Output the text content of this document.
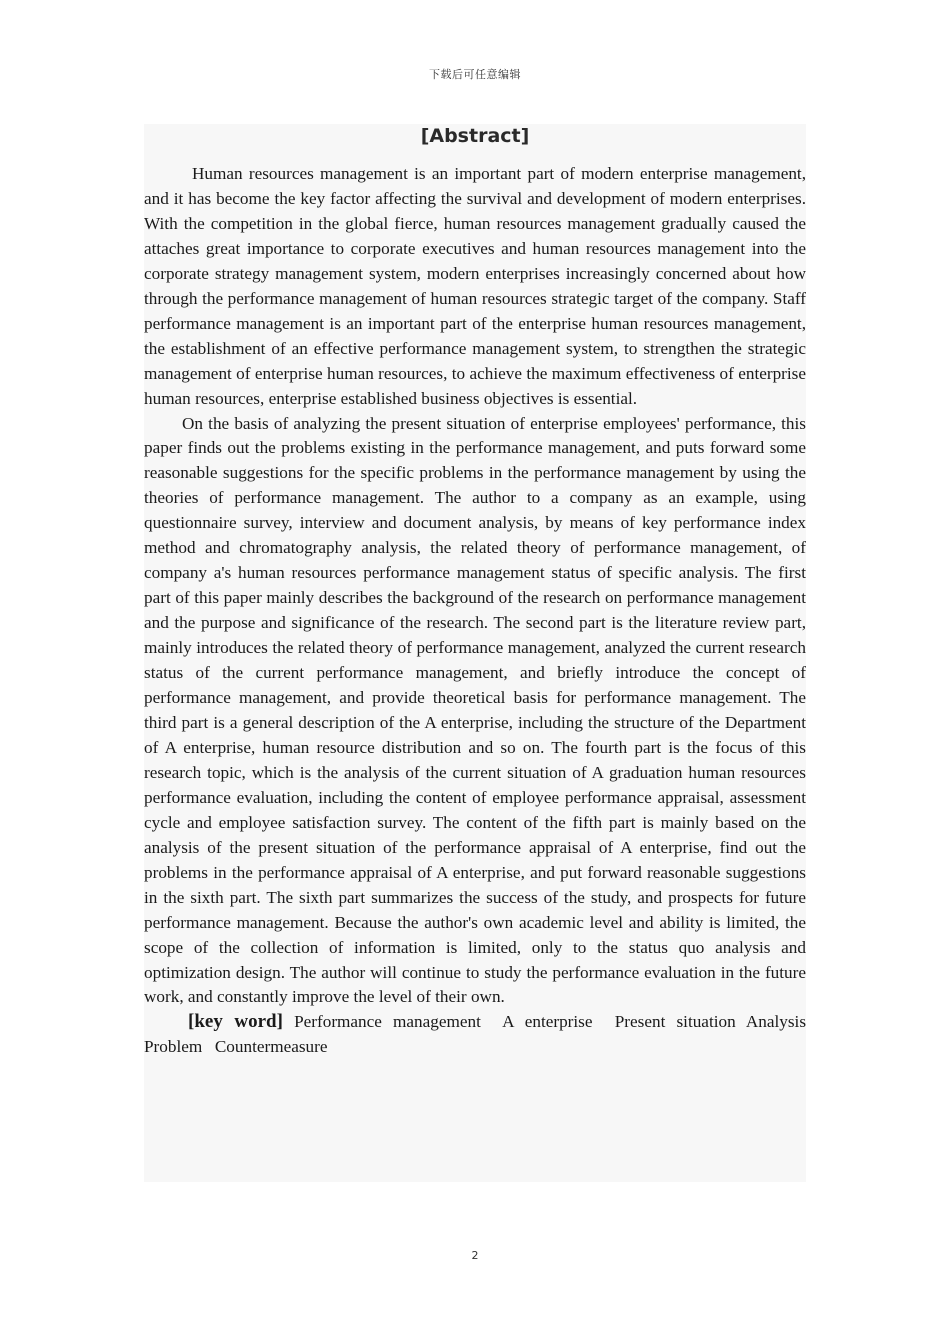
下载后可任意编辑
[Abstract]

Human resources management is an important part of modern enterprise management, and it has become the key factor affecting the survival and development of modern enterprises. With the competition in the global fierce, human resources management gradually caused the attaches great importance to corporate executives and human resources management into the corporate strategy management system, modern enterprises increasingly concerned about how through the performance management of human resources strategic target of the company. Staff performance management is an important part of the enterprise human resources management, the establishment of an effective performance management system, to strengthen the strategic management of enterprise human resources, to achieve the maximum effectiveness of enterprise human resources, enterprise established business objectives is essential.

On the basis of analyzing the present situation of enterprise employees' performance, this paper finds out the problems existing in the performance management, and puts forward some reasonable suggestions for the specific problems in the performance management by using the theories of performance management. The author to a company as an example, using questionnaire survey, interview and document analysis, by means of key performance index method and chromatography analysis, the related theory of performance management, of company a's human resources performance management status of specific analysis. The first part of this paper mainly describes the background of the research on performance management and the purpose and significance of the research. The second part is the literature review part, mainly introduces the related theory of performance management, analyzed the current research status of the current performance management, and briefly introduce the concept of performance management, and provide theoretical basis for performance management. The third part is a general description of the A enterprise, including the structure of the Department of A enterprise, human resource distribution and so on. The fourth part is the focus of this research topic, which is the analysis of the current situation of A graduation human resources performance evaluation, including the content of employee performance appraisal, assessment cycle and employee satisfaction survey. The content of the fifth part is mainly based on the analysis of the present situation of the performance appraisal of A enterprise, find out the problems in the performance appraisal of A enterprise, and put forward reasonable suggestions in the sixth part. The sixth part summarizes the success of the study, and prospects for future performance management. Because the author's own academic level and ability is limited, the scope of the collection of information is limited, only to the status quo analysis and optimization design. The author will continue to study the performance evaluation in the future work, and constantly improve the level of their own.

[key word] Performance management  A enterprise  Present situation Analysis  Problem  Countermeasure

2
